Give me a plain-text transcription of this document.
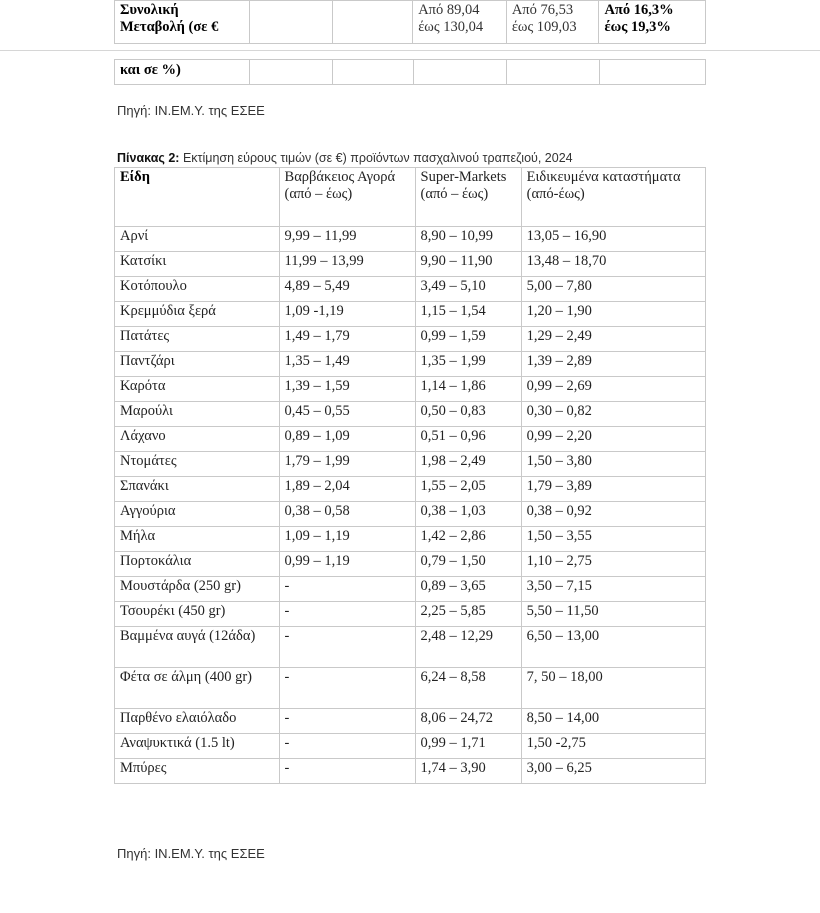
Συνολική Μεταβολή (σε €			Από 89,04 έως 130,04	Από 76,53 έως 109,03	Από 16,3% έως 19,3%
και σε %)					
Πηγή: ΙΝ.ΕΜ.Υ. της ΕΣΕΕ
Πίνακας 2: Εκτίμηση εύρους τιμών (σε €) προϊόντων πασχαλινού τραπεζιού, 2024
Είδη	Βαρβάκειος Αγορά (από – έως)	Super-Markets (από – έως)	Ειδικευμένα καταστήματα (από-έως)
Αρνί	9,99 – 11,99	8,90 – 10,99	13,05 – 16,90
Κατσίκι	11,99 – 13,99	9,90 – 11,90	13,48 – 18,70
Κοτόπουλο	4,89 – 5,49	3,49 – 5,10	5,00 – 7,80
Κρεμμύδια ξερά	1,09 -1,19	1,15 – 1,54	1,20 – 1,90
Πατάτες	1,49 – 1,79	0,99 – 1,59	1,29 – 2,49
Παντζάρι	1,35 – 1,49	1,35 – 1,99	1,39 – 2,89
Καρότα	1,39 – 1,59	1,14 – 1,86	0,99 – 2,69
Μαρούλι	0,45 – 0,55	0,50 – 0,83	0,30 – 0,82
Λάχανο	0,89 – 1,09	0,51 – 0,96	0,99 – 2,20
Ντομάτες	1,79 – 1,99	1,98 – 2,49	1,50 – 3,80
Σπανάκι	1,89 – 2,04	1,55 – 2,05	1,79 – 3,89
Αγγούρια	0,38 – 0,58	0,38 – 1,03	0,38 – 0,92
Μήλα	1,09 – 1,19	1,42 – 2,86	1,50 – 3,55
Πορτοκάλια	0,99 – 1,19	0,79 – 1,50	1,10 – 2,75
Μουστάρδα (250 gr)	-	0,89 – 3,65	3,50 – 7,15
Τσουρέκι (450 gr)	-	2,25 – 5,85	5,50 – 11,50
Βαμμένα αυγά (12άδα)	-	2,48 – 12,29	6,50 – 13,00
Φέτα σε άλμη (400 gr)	-	6,24 – 8,58	7, 50 – 18,00
Παρθένο ελαιόλαδο	-	8,06 – 24,72	8,50 – 14,00
Αναψυκτικά (1.5 lt)	-	0,99 – 1,71	1,50 -2,75
Μπύρες	-	1,74 – 3,90	3,00 – 6,25
Πηγή: ΙΝ.ΕΜ.Υ. της ΕΣΕΕ
